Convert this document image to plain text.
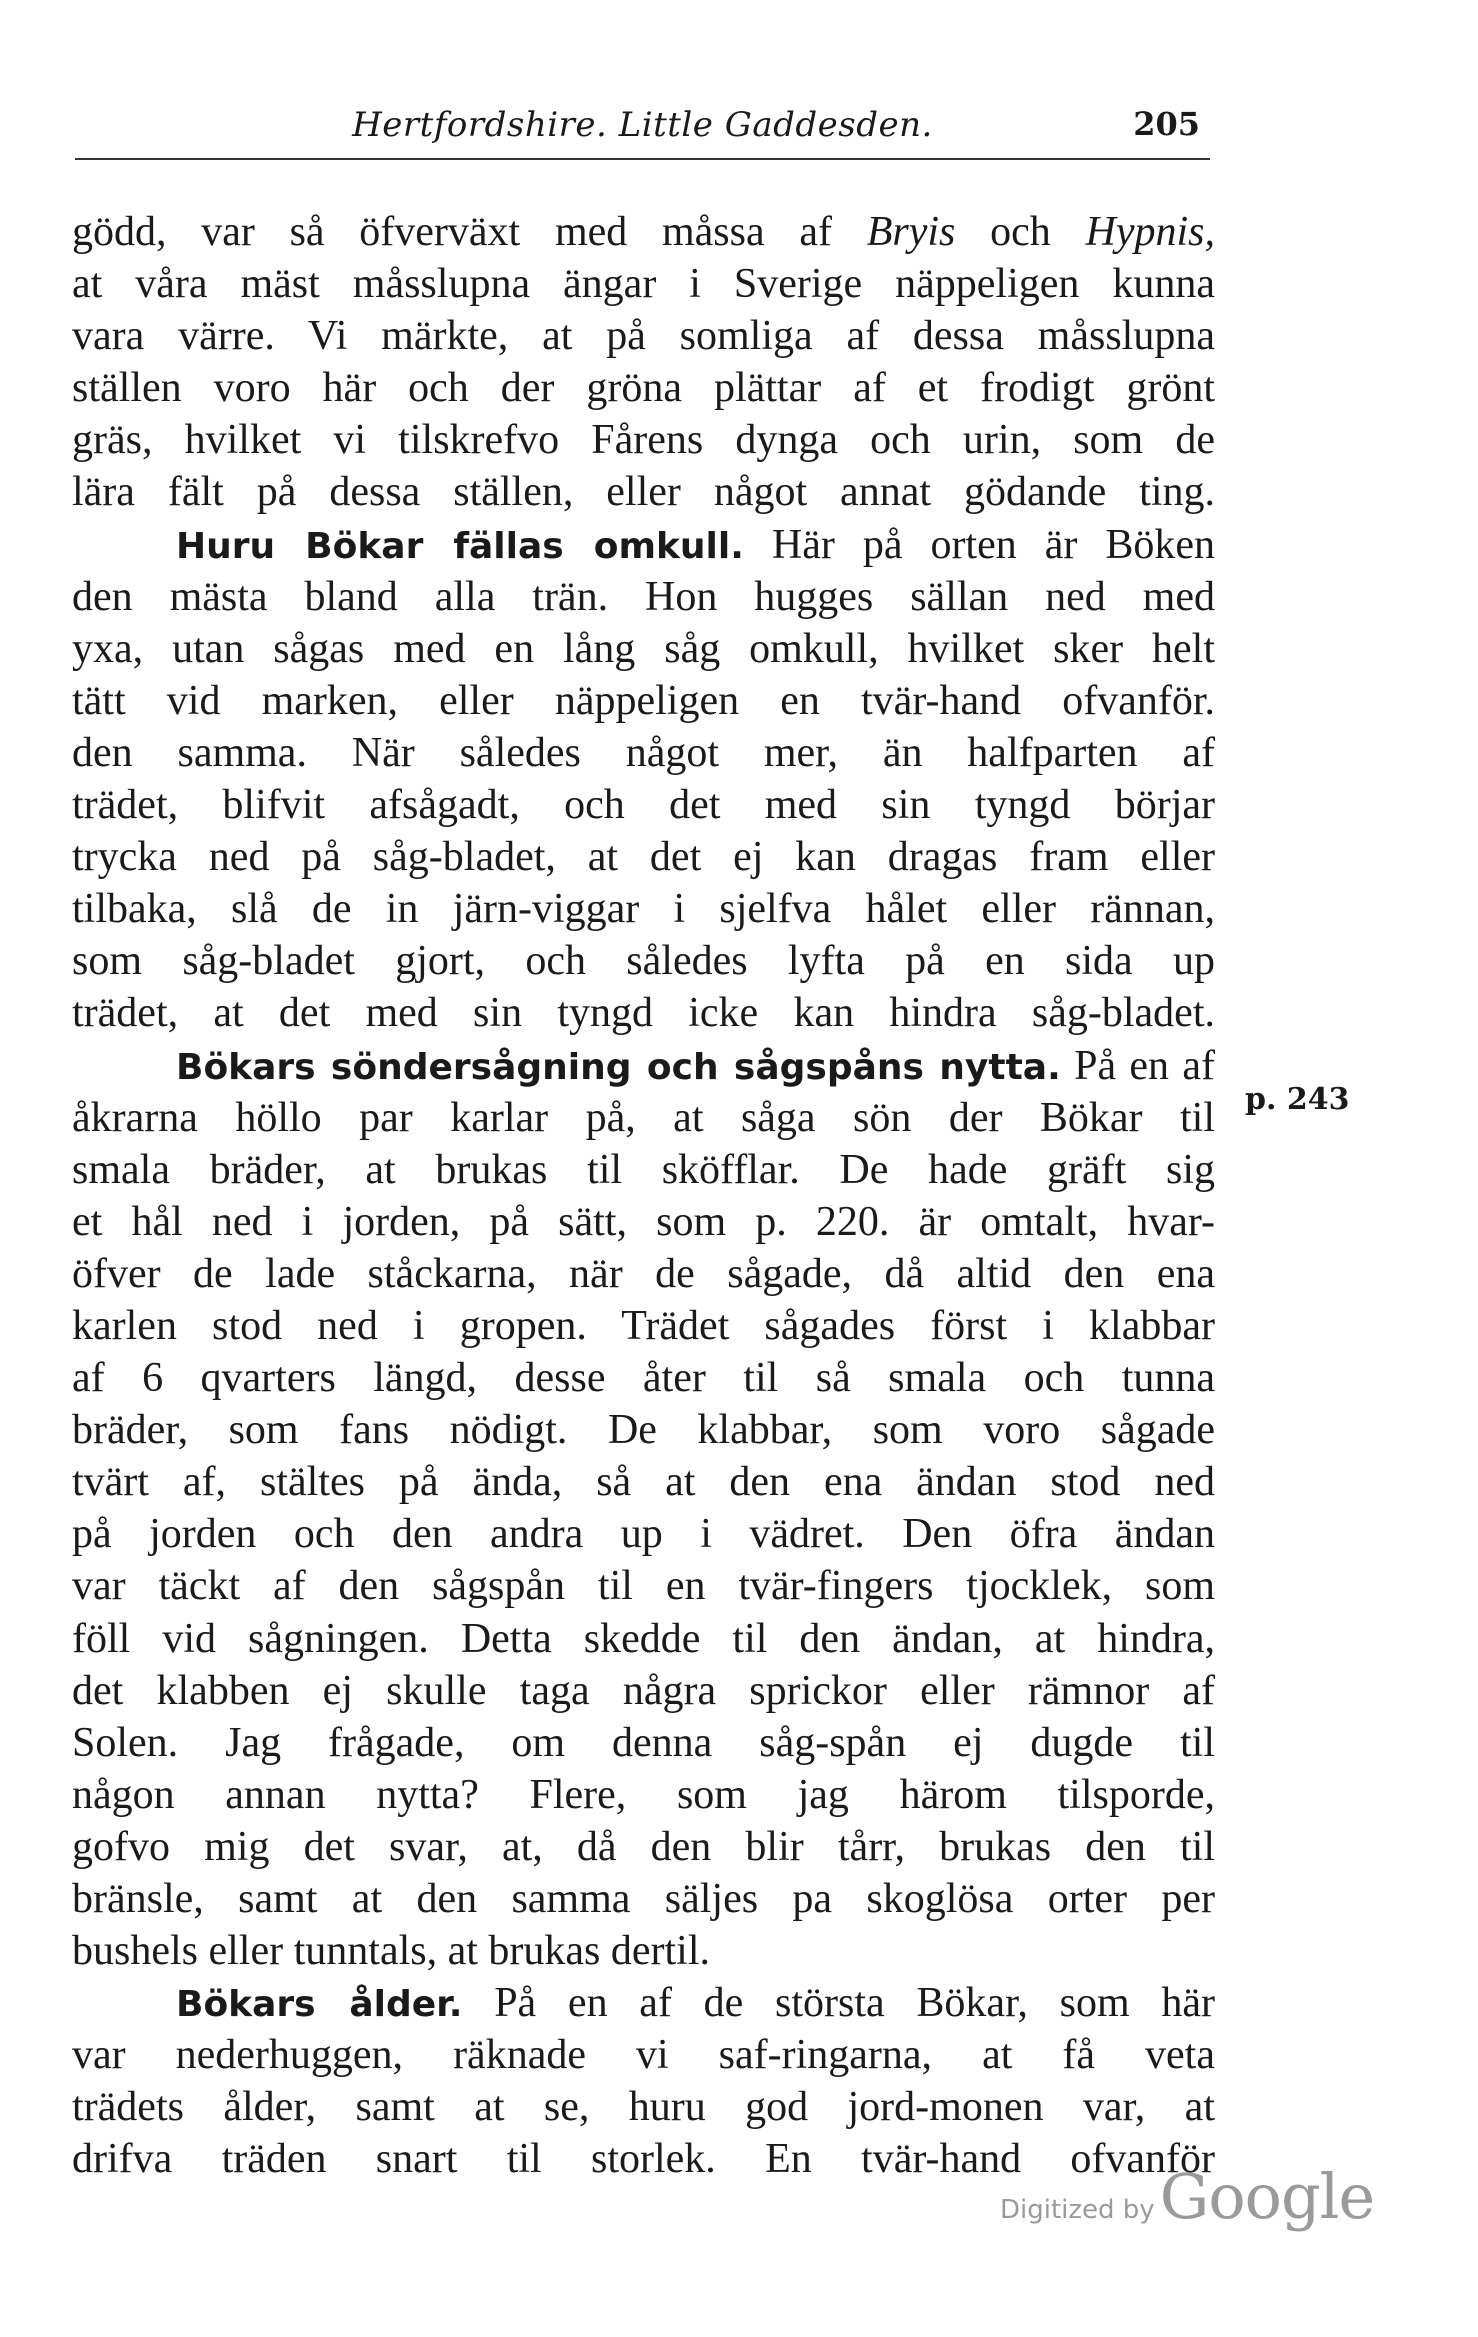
Hertfordshire. Little Gaddesden.	205
gödd, var så öfverväxt med måssa af Bryis och Hypnis,
at våra mäst måsslupna ängar i Sverige näppeligen kunna
vara värre. Vi märkte, at på somliga af dessa måsslupna
ställen voro här och der gröna plättar af et frodigt grönt
gräs, hvilket vi tilskrefvo Fårens dynga och urin, som de
lära fält på dessa ställen, eller något annat gödande ting.
Huru Bökar fällas omkull. Här på orten är Böken
den mästa bland alla trän. Hon hugges sällan ned med
yxa, utan sågas med en lång såg omkull, hvilket sker helt
tätt vid marken, eller näppeligen en tvär-hand ofvanför.
den samma. När således något mer, än halfparten af
trädet, blifvit afsågadt, och det med sin tyngd börjar
trycka ned på såg-bladet, at det ej kan dragas fram eller
tilbaka, slå de in järn-viggar i sjelfva hålet eller rännan,
som såg-bladet gjort, och således lyfta på en sida up
trädet, at det med sin tyngd icke kan hindra såg-bladet.
Bökars söndersågning och sågspåns nytta. På en af
åkrarna höllo par karlar på, at såga sön der Bökar til
smala bräder, at brukas til sköfflar. De hade gräft sig
et hål ned i jorden, på sätt, som p. 220. är omtalt, hvar-
öfver de lade ståckarna, när de sågade, då altid den ena
karlen stod ned i gropen. Trädet sågades först i klabbar
af 6 qvarters längd, desse åter til så smala och tunna
bräder, som fans nödigt. De klabbar, som voro sågade
tvärt af, stältes på ända, så at den ena ändan stod ned
på jorden och den andra up i vädret. Den öfra ändan
var täckt af den sågspån til en tvär-fingers tjocklek, som
föll vid sågningen. Detta skedde til den ändan, at hindra,
det klabben ej skulle taga några sprickor eller rämnor af
Solen. Jag frågade, om denna såg-spån ej dugde til
någon annan nytta? Flere, som jag härom tilsporde,
gofvo mig det svar, at, då den blir tårr, brukas den til
bränsle, samt at den samma säljes pa skoglösa orter per
bushels eller tunntals, at brukas dertil.
Bökars ålder. På en af de största Bökar, som här
var nederhuggen, räknade vi saf-ringarna, at få veta
trädets ålder, samt at se, huru god jord-monen var, at
drifva träden snart til storlek. En tvär-hand ofvanför
p. 243
Digitized by Google
